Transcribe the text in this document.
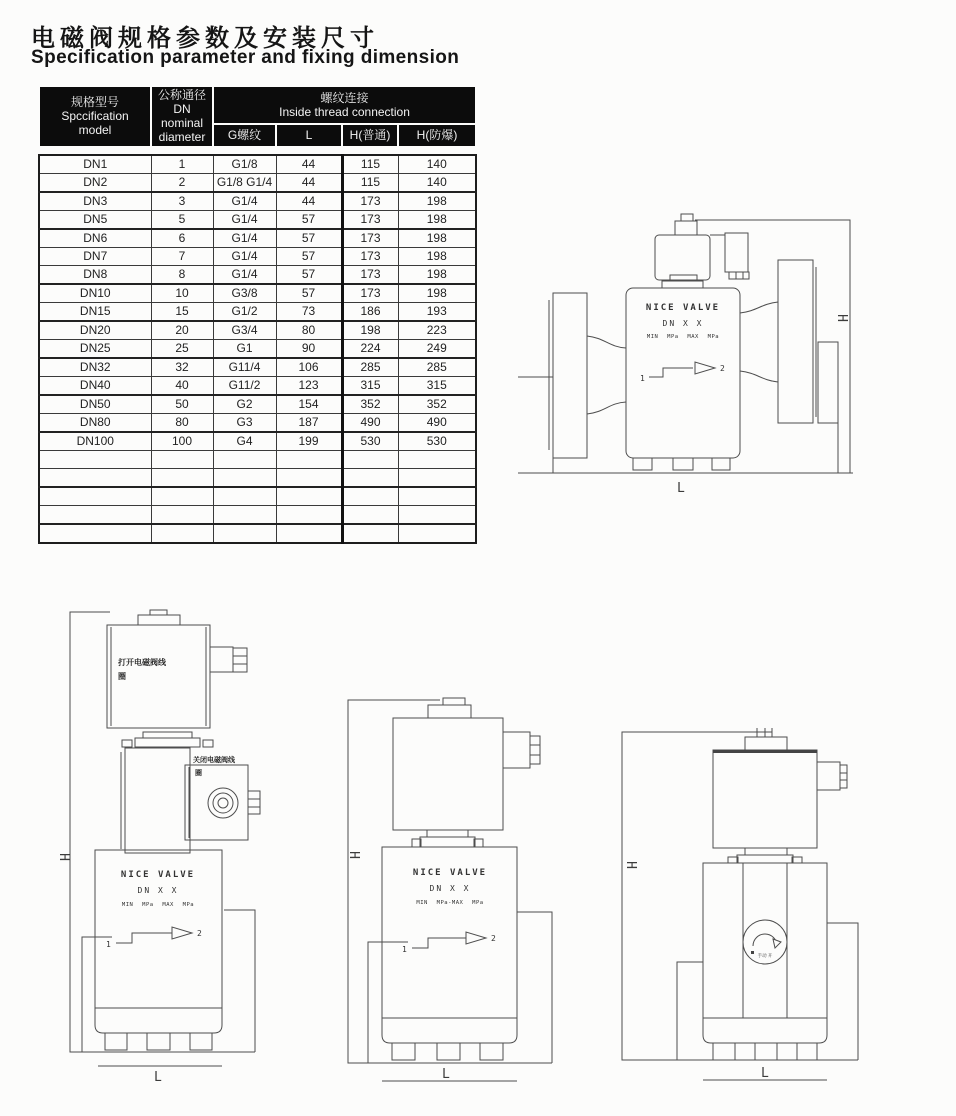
电磁阀规格参数及安装尺寸
Specification parameter and fixing dimension
规格型号
Spccification
model	公称通径
DN
nominal
diameter	螺纹连接
Inside thread connection			
		G螺纹	L	H(普通)	H(防爆)
DN1	1	G1/8	44	115	140
DN2	2	G1/8 G1/4	44	115	140
DN3	3	G1/4	44	173	198
DN5	5	G1/4	57	173	198
DN6	6	G1/4	57	173	198
DN7	7	G1/4	57	173	198
DN8	8	G1/4	57	173	198
DN10	10	G3/8	57	173	198
DN15	15	G1/2	73	186	193
DN20	20	G3/4	80	198	223
DN25	25	G1	90	224	249
DN32	32	G11/4	106	285	285
DN40	40	G11/2	123	315	315
DN50	50	G2	154	352	352
DN80	80	G3	187	490	490
DN100	100	G4	199	530	530

H
L
NICE VALVE
DN X X
MIN MPa MAX MPa
1
2
H
打开电磁阀线
圈
关闭电磁阀线
圈
NICE VALVE
DN X X
MIN MPa MAX MPa
1
2
L
H
NICE VALVE
DN X X
MIN MPa-MAX MPa
1
2
L
H
手动 开
L
